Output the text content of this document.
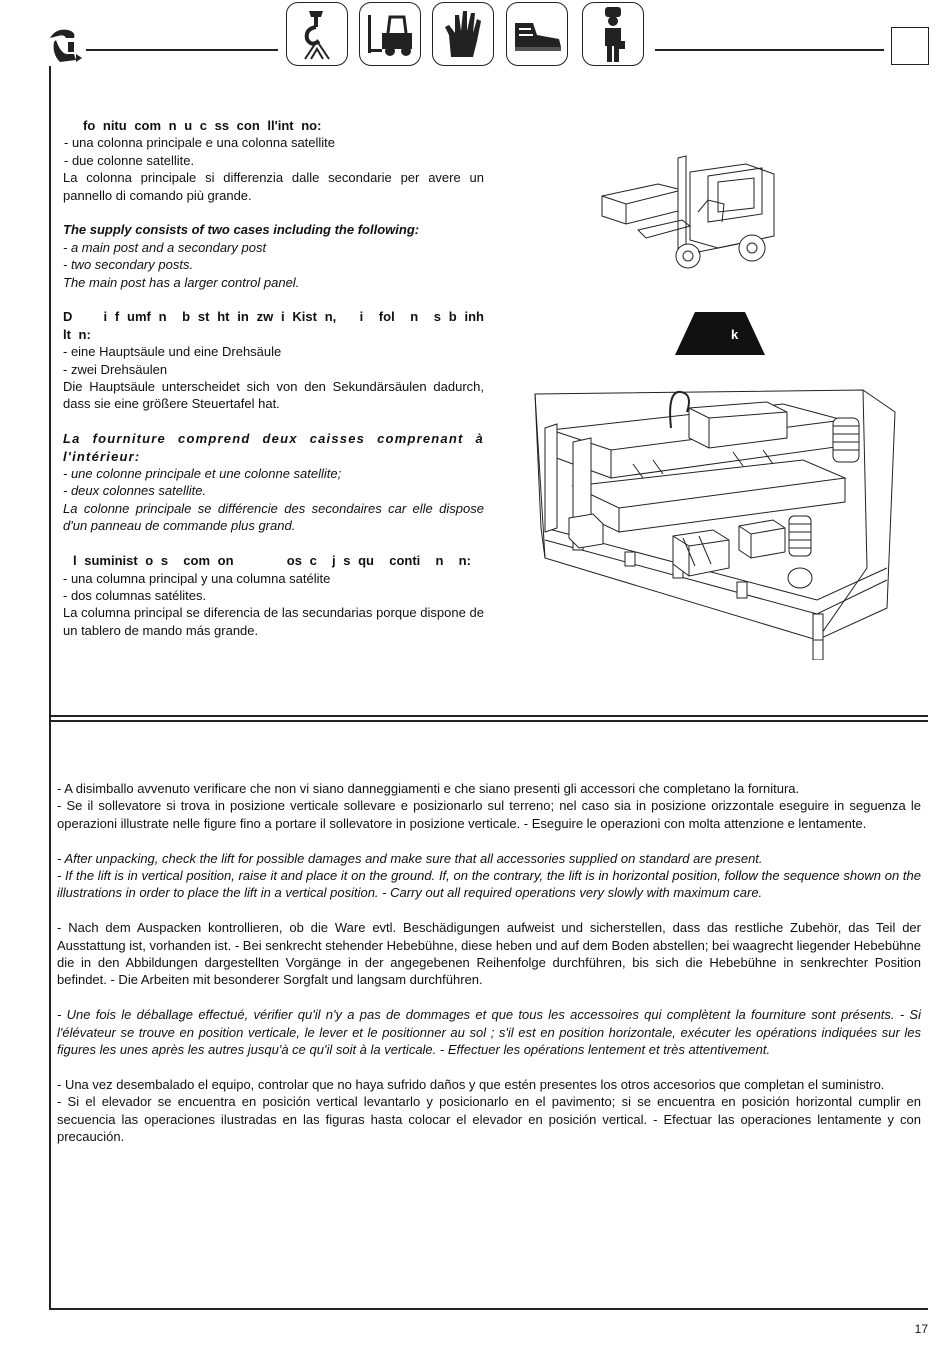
fo nitu com n u c ss con ll'int no:

- una colonna principale e una colonna satellite

- due colonne satellite.

La colonna principale si differenzia dalle secondarie per avere un pannello di comando più grande.

The supply consists of two cases including the following:

- a main post and a secondary post

- two secondary posts.

The main post has a larger control panel.

D    i f umf n  b st ht in zw i Kist n,   i  fol  n  s b inh lt n:

- eine Hauptsäule und eine Drehsäule

- zwei Drehsäulen

Die Hauptsäule unterscheidet sich von den Sekundärsäulen dadurch, dass sie eine größere Steuertafel hat.

La fourniture comprend deux caisses comprenant à l'intérieur:

- une colonne principale et une colonne satellite;

- deux colonnes satellite.

La colonne principale se différencie des secondaires car elle dispose d'un panneau de commande plus grand.

l suminist o s  com on       os c  j s qu  conti  n  n:

- una columna principal y una columna satélite

- dos columnas satélites.

La columna principal se diferencia de las secundarias porque dispone de un tablero de mando más grande.

k

- A disimballo avvenuto verificare che non vi siano danneggiamenti e che siano presenti gli accessori che completano la fornitura.

- Se il sollevatore si trova in posizione verticale sollevare e posizionarlo sul terreno; nel caso sia in posizione orizzontale eseguire in seguenza le operazioni illustrate nelle figure fino a portare il sollevatore in posizione verticale. - Eseguire le operazioni con molta attenzione e lentamente.

- After unpacking, check the lift for possible damages and make sure that all accessories supplied on standard are present.

- If the lift is in vertical position, raise it and place it on the ground. If, on the contrary, the lift is in horizontal position, follow the sequence shown on the illustrations in order to place the lift in a vertical position. - Carry out all required operations very slowly with maximum care.

- Nach dem Auspacken kontrollieren, ob die Ware evtl. Beschädigungen aufweist und sicherstellen, dass das restliche Zubehör, das Teil der Ausstattung ist, vorhanden ist. - Bei senkrecht stehender Hebebühne, diese heben und auf dem Boden abstellen; bei waagrecht liegender Hebebühne die in den Abbildungen dargestellten Vorgänge in der angegebenen Reihenfolge durchführen, bis sich die Hebebühne in senkrechter Position befindet. - Die Arbeiten mit besonderer Sorgfalt und langsam durchführen.

- Une fois le déballage effectué, vérifier qu'il n'y a pas de dommages et que tous les accessoires qui complètent la fourniture sont présents. - Si l'élévateur se trouve en position verticale, le lever et le positionner au sol ; s'il est en position horizontale, exécuter les opérations indiquées sur les figures les unes après les autres jusqu'à ce qu'il soit à la verticale. - Effectuer les opérations lentement et très attentivement.

- Una vez desembalado el equipo, controlar que no haya sufrido daños y que estén presentes los otros accesorios que completan el suministro.

- Si el elevador se encuentra en posición vertical levantarlo y posicionarlo en el pavimento; si se encuentra en posición horizontal cumplir en secuencia las operaciones ilustradas en las figuras hasta colocar el elevador en posición vertical. - Efectuar las operaciones lentamente y con precaución.

17
